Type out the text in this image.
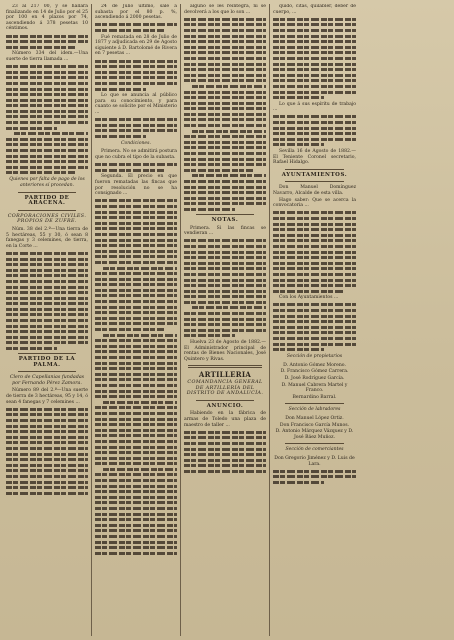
23 al 217 00, y se hallará finalizando en 14 de Julio por el 25 por 100 en 4 plazos por 74, ascendiendo á 378 pesetas 10 céntimos.

Número 334 del idem.—Una suerte de tierra llamada ...

Quienes por falta de pago de los anteriores sí procedan.

PARTIDO DE ARACENA.

CORPORACIONES CIVILES. PROPIOS DE ZUFRE.

Núm. 38 del 2.º—Una tierra de 5 hectáreas, 55 y 30, ó sean 8 fanegas y 3 celemines, de tierra, en la Corte ...

PARTIDO DE LA PALMA.

Clero de Capellanias fundadas por Fernando Pérez Zamora.

Número 89 del 2.º—Una suerte de tierra de 3 hectáreas, 95 y 14, ó sean 4 fanegas y 7 celemines ...

24 de Julio último, sale á subasta por el 80 p. %, ascendiendo á 2000 pesetas.

Fué rematada en 28 de Julio de 1877 y adjudicada en 29 de Agosto siguiente á D. Bartolomé de Rivera en 7 pesetas ...

Lo que se anuncia al público para su conocimiento, y para cuanto se solicite por el Ministerio ...

Condiciones.

Primera. No se admitirá postura que no cubra el tipo de la subasta.

Segunda. El precio en que fueron rematadas las fincas que por resolución no se ha consignado ...

alguno se les reintegra, ni se devolverá a los que lo son ...

NOTAS.

Primera. Si las fincas se vendieran ...

Huelva 23 de Agosto de 1882.—El Administrador principal de rentas de Bienes Nacionales, José Quintero y Rivas.

ARTILLERIA

COMANDANCIA GENERAL DE ARTILLERÍA DEL DISTRITO DE ANDALUCÍA.

ANUNCIO.

Habiendo en la fábrica de armas de Toledo una plaza de maestro de taller ...

quido, citas, quilabler, deber de cuerpo, ...

Lo que á sus espíritu de trabajo ...

Sevilla 16 de Agosto de 1882.—El Teniente Coronel secretario, Rafael Hidalgo.

AYUNTAMIENTOS.

Don Manuel Domínguez Navarro, Alcalde de esta villa.

Hago saber: Que se acerca la convocatoria ...

Con los Ayuntamientos ...

Sección de propietarios

D. Antonio Gómez Moreno.

D. Francisco Gómez Carrera.

D. José Rodríguez García.

D. Manuel Cabrera Martel y Franco.

Bernardino Barral.

Sección de labradores

Don Manuel López Ortiz.

Don Francisco García Munos.

D. Antonio Márquez Vázquez y D. José Báez Muñoz.

Sección de comerciantes

Don Gregorio Jiménez y D. Luis de Lara.
